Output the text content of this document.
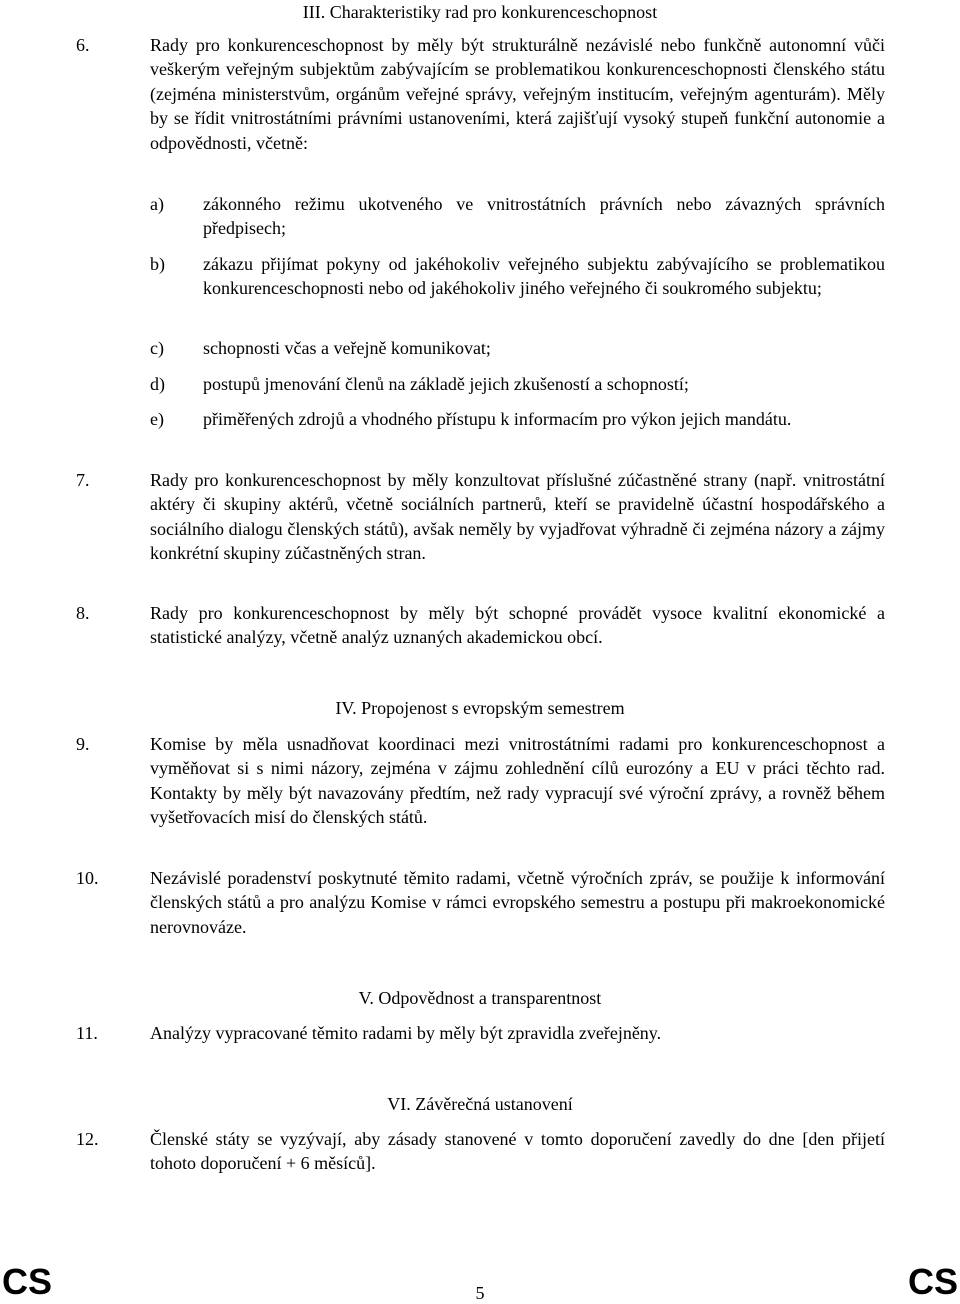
III. Charakteristiky rad pro konkurenceschopnost
6.	Rady pro konkurenceschopnost by měly být strukturálně nezávislé nebo funkčně autonomní vůči veškerým veřejným subjektům zabývajícím se problematikou konkurenceschopnosti členského státu (zejména ministerstvům, orgánům veřejné správy, veřejným institucím, veřejným agenturám). Měly by se řídit vnitrostátními právními ustanoveními, která zajišťují vysoký stupeň funkční autonomie a odpovědnosti, včetně:
a) zákonného režimu ukotveného ve vnitrostátních právních nebo závazných správních předpisech;
b) zákazu přijímat pokyny od jakéhokoliv veřejného subjektu zabývajícího se problematikou konkurenceschopnosti nebo od jakéhokoliv jiného veřejného či soukromého subjektu;
c) schopnosti včas a veřejně komunikovat;
d) postupů jmenování členů na základě jejich zkušeností a schopností;
e) přiměřených zdrojů a vhodného přístupu k informacím pro výkon jejich mandátu.
7.	Rady pro konkurenceschopnost by měly konzultovat příslušné zúčastněné strany (např. vnitrostátní aktéry či skupiny aktérů, včetně sociálních partnerů, kteří se pravidelně účastní hospodářského a sociálního dialogu členských států), avšak neměly by vyjadřovat výhradně či zejména názory a zájmy konkrétní skupiny zúčastněných stran.
8.	Rady pro konkurenceschopnost by měly být schopné provádět vysoce kvalitní ekonomické a statistické analýzy, včetně analýz uznaných akademickou obcí.
IV. Propojenost s evropským semestrem
9.	Komise by měla usnadňovat koordinaci mezi vnitrostátními radami pro konkurenceschopnost a vyměňovat si s nimi názory, zejména v zájmu zohlednění cílů eurozóny a EU v práci těchto rad. Kontakty by měly být navazovány předtím, než rady vypracují své výroční zprávy, a rovněž během vyšetřovacích misí do členských států.
10.	Nezávislé poradenství poskytnuté těmito radami, včetně výročních zpráv, se použije k informování členských států a pro analýzu Komise v rámci evropského semestru a postupu při makroekonomické nerovnováze.
V. Odpovědnost a transparentnost
11.	Analýzy vypracované těmito radami by měly být zpravidla zveřejněny.
VI. Závěrečná ustanovení
12.	Členské státy se vyzývají, aby zásady stanovené v tomto doporučení zavedly do dne [den přijetí tohoto doporučení + 6 měsíců].
CS	5	CS
